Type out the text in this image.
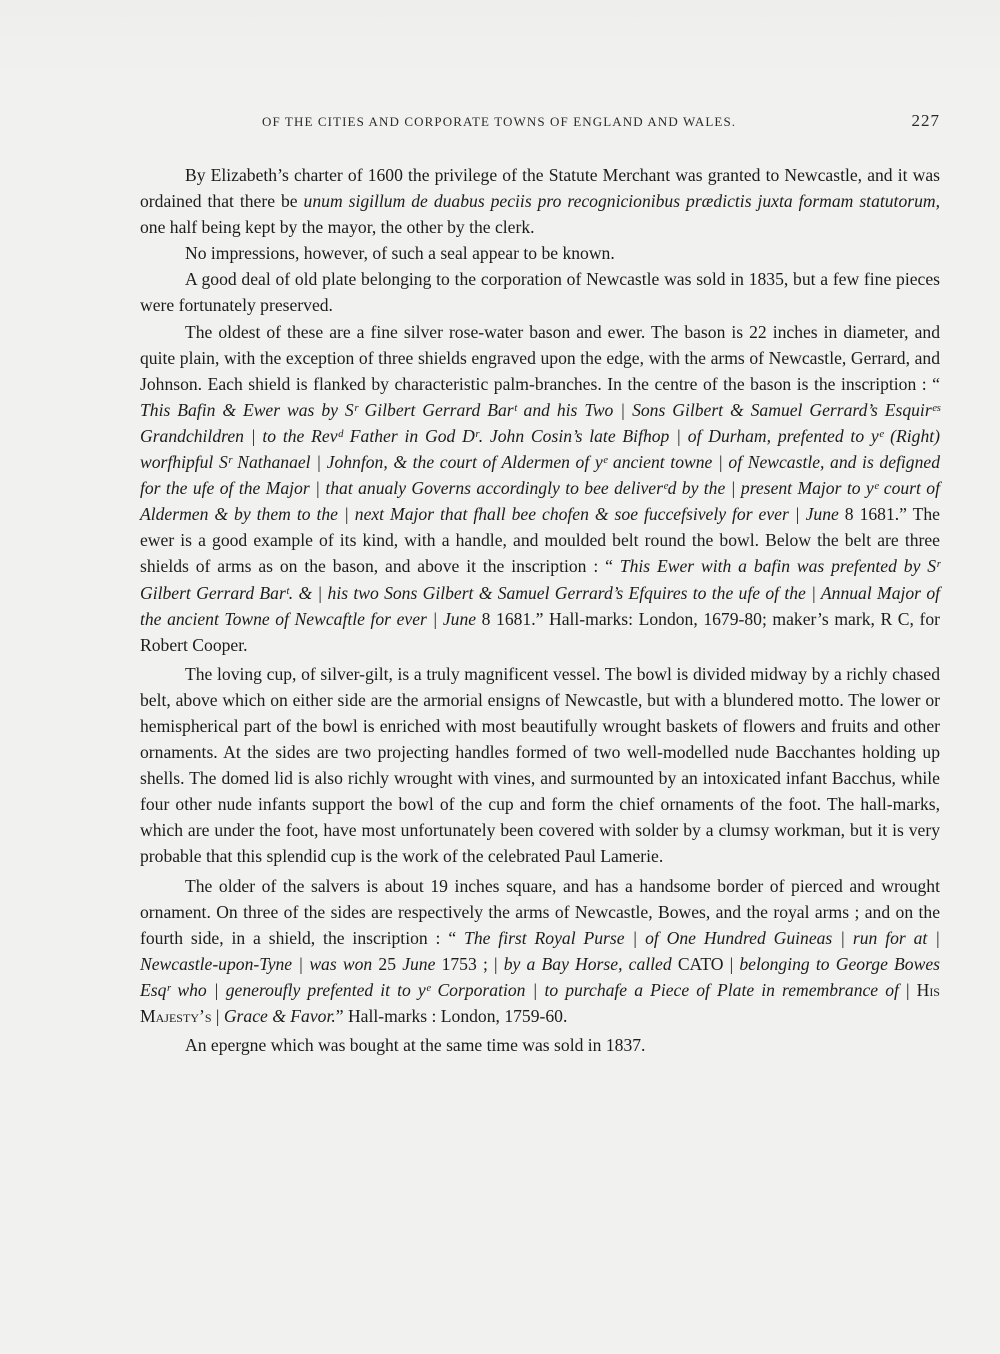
OF THE CITIES AND CORPORATE TOWNS OF ENGLAND AND WALES.	227

By Elizabeth’s charter of 1600 the privilege of the Statute Merchant was granted to Newcastle, and it was ordained that there be unum sigillum de duabus peciis pro recognicionibus prædictis juxta formam statutorum, one half being kept by the mayor, the other by the clerk.

No impressions, however, of such a seal appear to be known.

A good deal of old plate belonging to the corporation of Newcastle was sold in 1835, but a few fine pieces were fortunately preserved.

The oldest of these are a fine silver rose-water bason and ewer. The bason is 22 inches in diameter, and quite plain, with the exception of three shields engraved upon the edge, with the arms of Newcastle, Gerrard, and Johnson. Each shield is flanked by characteristic palm-branches. In the centre of the bason is the inscription : “ This Bafin & Ewer was by Sʳ Gilbert Gerrard Barᵗ and his Two | Sons Gilbert & Samuel Gerrard’s Esquirᵉˢ Grandchildren | to the Revᵈ Father in God Dʳ. John Cosin’s late Bifhop | of Durham, prefented to yᵉ (Right) worfhipful Sʳ Nathanael | Johnfon, & the court of Aldermen of yᵉ ancient towne | of Newcastle, and is defigned for the ufe of the Major | that anualy Governs accordingly to bee deliverᵉd by the | present Major to yᵉ court of Aldermen & by them to the | next Major that fhall bee chofen & soe fuccefsively for ever | June 8 1681.” The ewer is a good example of its kind, with a handle, and moulded belt round the bowl. Below the belt are three shields of arms as on the bason, and above it the inscription : “ This Ewer with a bafin was prefented by Sʳ Gilbert Gerrard Barᵗ. & | his two Sons Gilbert & Samuel Gerrard’s Efquires to the ufe of the | Annual Major of the ancient Towne of Newcaftle for ever | June 8 1681.” Hall-marks: London, 1679-80; maker’s mark, R C, for Robert Cooper.

The loving cup, of silver-gilt, is a truly magnificent vessel. The bowl is divided midway by a richly chased belt, above which on either side are the armorial ensigns of Newcastle, but with a blundered motto. The lower or hemispherical part of the bowl is enriched with most beautifully wrought baskets of flowers and fruits and other ornaments. At the sides are two projecting handles formed of two well-modelled nude Bacchantes holding up shells. The domed lid is also richly wrought with vines, and surmounted by an intoxicated infant Bacchus, while four other nude infants support the bowl of the cup and form the chief ornaments of the foot. The hall-marks, which are under the foot, have most unfortunately been covered with solder by a clumsy workman, but it is very probable that this splendid cup is the work of the celebrated Paul Lamerie.

The older of the salvers is about 19 inches square, and has a handsome border of pierced and wrought ornament. On three of the sides are respectively the arms of Newcastle, Bowes, and the royal arms ; and on the fourth side, in a shield, the inscription : “ The first Royal Purse | of One Hundred Guineas | run for at | Newcastle-upon-Tyne | was won 25 June 1753 ; | by a Bay Horse, called CATO | belonging to George Bowes Esqʳ who | generoufly prefented it to yᵉ Corporation | to purchafe a Piece of Plate in remembrance of | His Majesty’s | Grace & Favor.” Hall-marks : London, 1759-60.

An epergne which was bought at the same time was sold in 1837.
